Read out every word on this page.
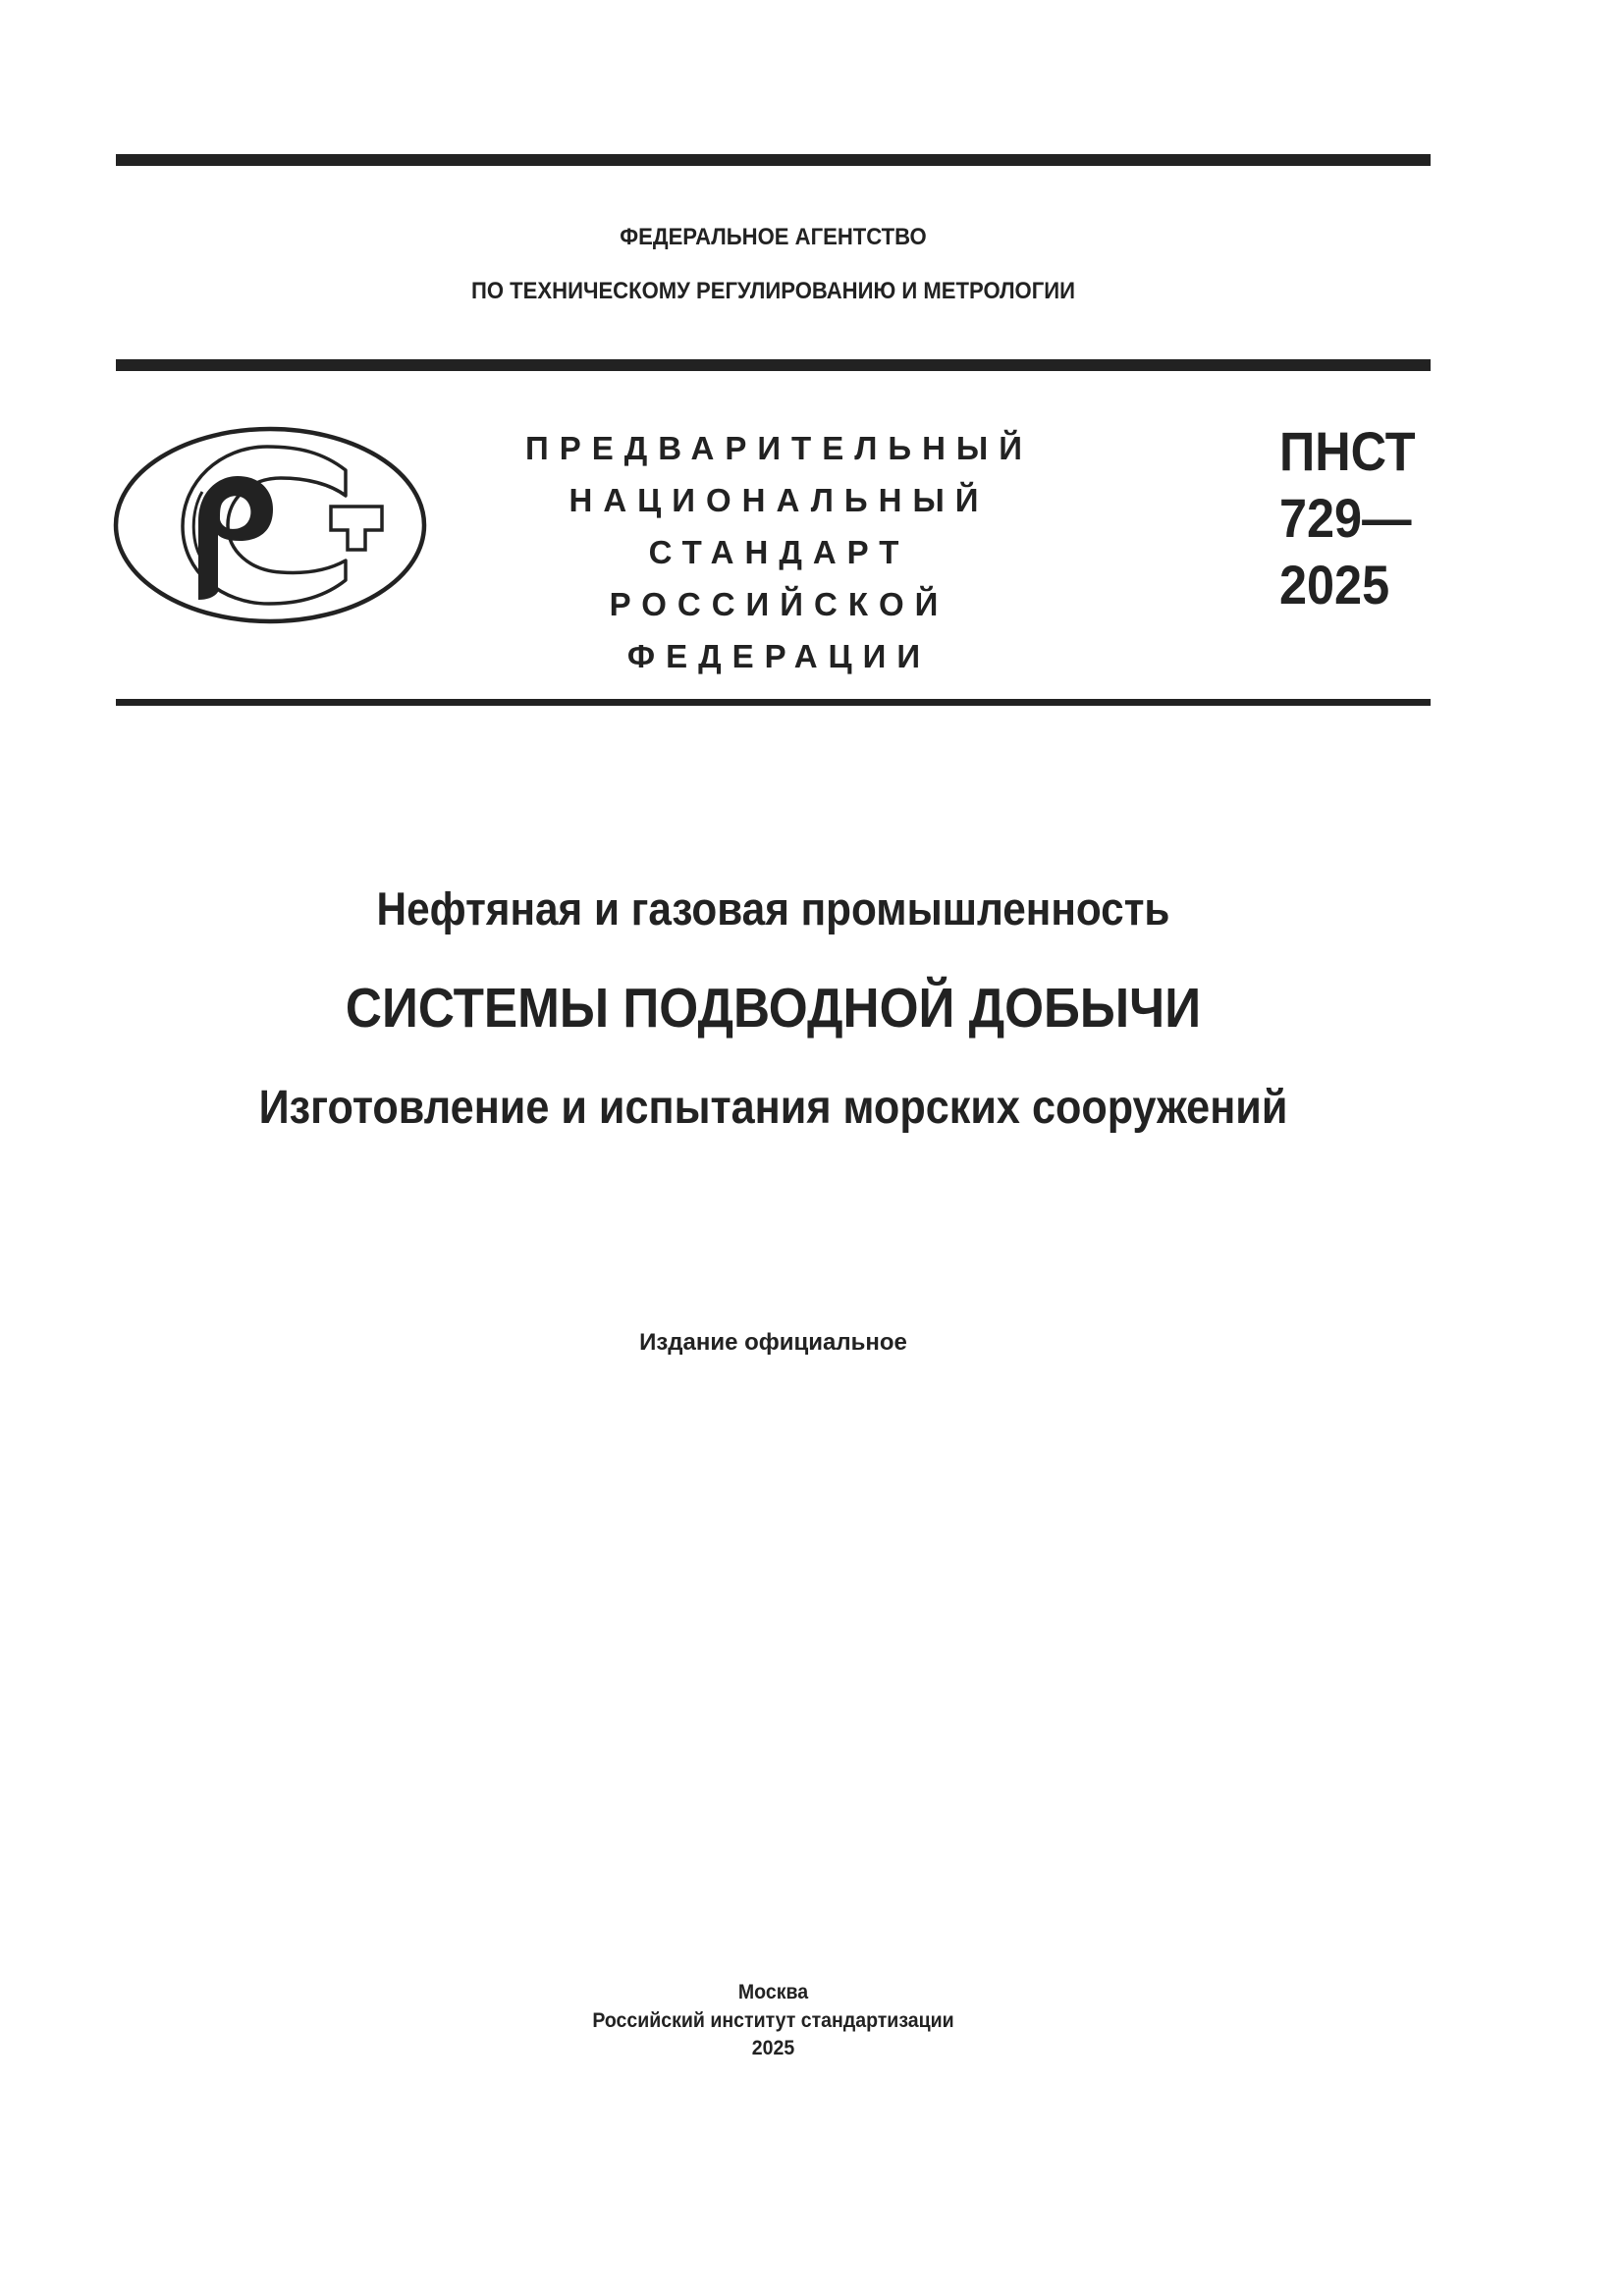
ФЕДЕРАЛЬНОЕ АГЕНТСТВО
ПО ТЕХНИЧЕСКОМУ РЕГУЛИРОВАНИЮ И МЕТРОЛОГИИ
ПРЕДВАРИТЕЛЬНЫЙ
НАЦИОНАЛЬНЫЙ
СТАНДАРТ
РОССИЙСКОЙ
ФЕДЕРАЦИИ
ПНСТ
729—
2025
Нефтяная и газовая промышленность
СИСТЕМЫ ПОДВОДНОЙ ДОБЫЧИ
Изготовление и испытания морских сооружений
Издание официальное
Москва
Российский институт стандартизации
2025
